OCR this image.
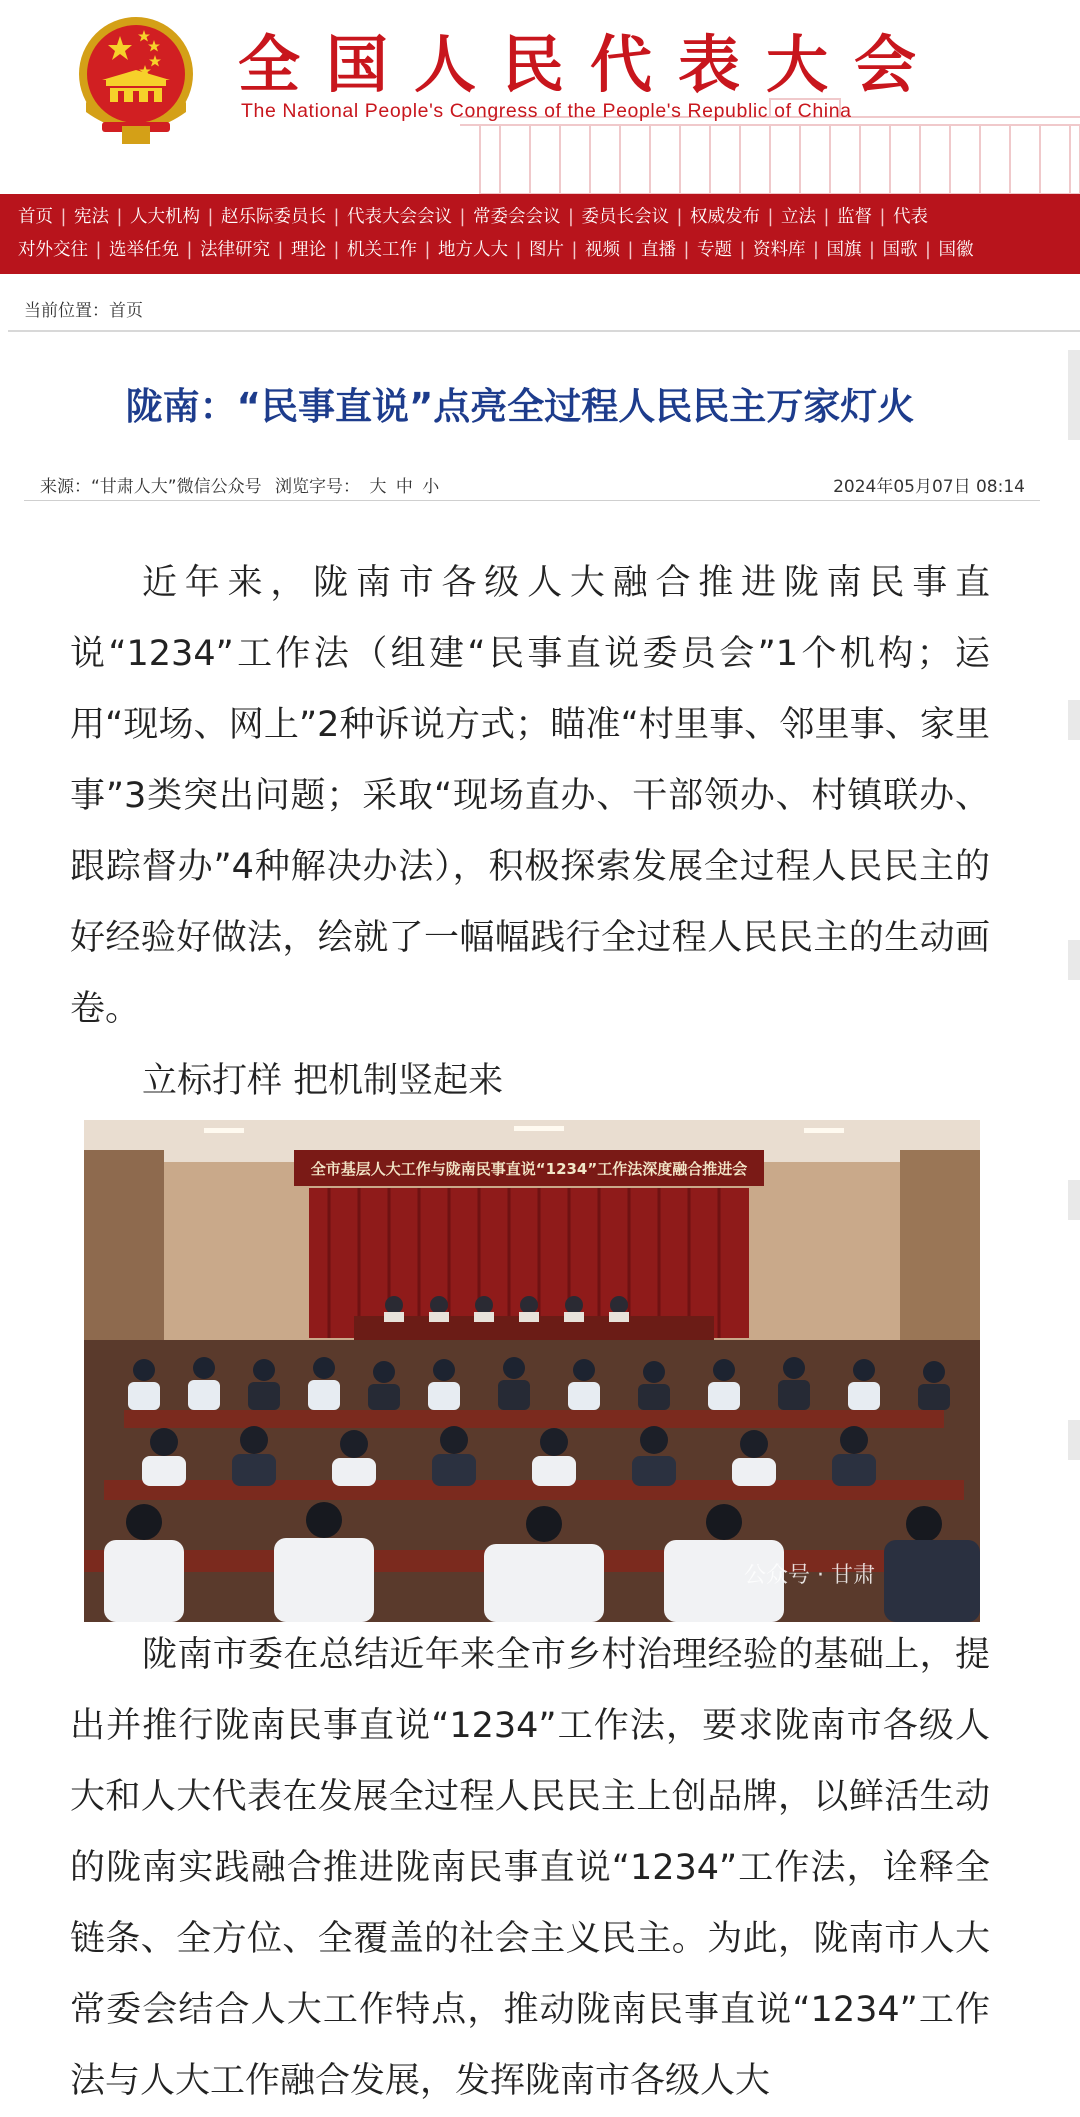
全国人民代表大会
The National People's Congress of the People's Republic of China
首页 | 宪法 | 人大机构 | 赵乐际委员长 | 代表大会会议 | 常委会会议 | 委员长会议 | 权威发布 | 立法 | 监督 | 代表
对外交往 | 选举任免 | 法律研究 | 理论 | 机关工作 | 地方人大 | 图片 | 视频 | 直播 | 专题 | 资料库 | 国旗 | 国歌 | 国徽
当前位置：首页
陇南：“民事直说”点亮全过程人民民主万家灯火
来源：“甘肃人大”微信公众号 浏览字号： 大 中 小	2024年05月07日 08:14
近年来，陇南市各级人大融合推进陇南民事直说“1234”工作法（组建“民事直说委员会”1个机构；运用“现场、网上”2种诉说方式；瞄准“村里事、邻里事、家里事”3类突出问题；采取“现场直办、干部领办、村镇联办、跟踪督办”4种解决办法），积极探索发展全过程人民民主的好经验好做法，绘就了一幅幅践行全过程人民民主的生动画卷。
立标打样 把机制竖起来
全市基层人大工作与陇南民事直说“1234”工作法深度融合推进会
公众号 · 甘肃
陇南市委在总结近年来全市乡村治理经验的基础上，提出并推行陇南民事直说“1234”工作法，要求陇南市各级人大和人大代表在发展全过程人民民主上创品牌，以鲜活生动的陇南实践融合推进陇南民事直说“1234”工作法，诠释全链条、全方位、全覆盖的社会主义民主。为此，陇南市人大常委会结合人大工作特点，推动陇南民事直说“1234”工作法与人大工作融合发展，发挥陇南市各级人大
